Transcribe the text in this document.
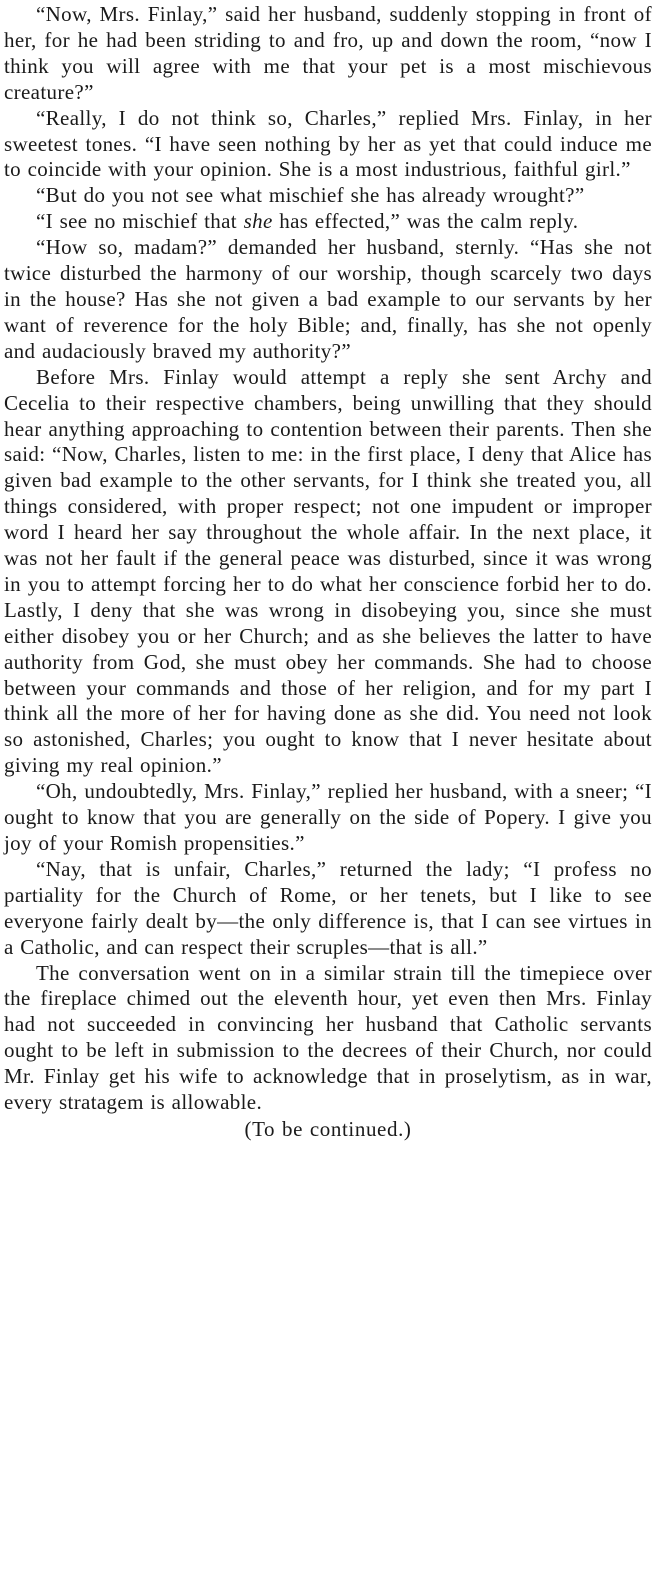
“Now, Mrs. Finlay,” said her husband, suddenly stopping in front of her, for he had been striding to and fro, up and down the room, “now I think you will agree with me that your pet is a most mischievous creature?”

“Really, I do not think so, Charles,” replied Mrs. Finlay, in her sweetest tones. “I have seen nothing by her as yet that could induce me to coincide with your opinion. She is a most industrious, faithful girl.”

“But do you not see what mischief she has already wrought?”

“I see no mischief that she has effected,” was the calm reply.

“How so, madam?” demanded her husband, sternly. “Has she not twice disturbed the harmony of our worship, though scarcely two days in the house? Has she not given a bad example to our servants by her want of reverence for the holy Bible; and, finally, has she not openly and audaciously braved my authority?”

Before Mrs. Finlay would attempt a reply she sent Archy and Cecelia to their respective chambers, being unwilling that they should hear anything approaching to contention between their parents. Then she said: “Now, Charles, listen to me: in the first place, I deny that Alice has given bad example to the other servants, for I think she treated you, all things considered, with proper respect; not one impudent or improper word I heard her say throughout the whole affair. In the next place, it was not her fault if the general peace was disturbed, since it was wrong in you to attempt forcing her to do what her conscience forbid her to do. Lastly, I deny that she was wrong in disobeying you, since she must either disobey you or her Church; and as she believes the latter to have authority from God, she must obey her commands. She had to choose between your commands and those of her religion, and for my part I think all the more of her for having done as she did. You need not look so astonished, Charles; you ought to know that I never hesitate about giving my real opinion.”

“Oh, undoubtedly, Mrs. Finlay,” replied her husband, with a sneer; “I ought to know that you are generally on the side of Popery. I give you joy of your Romish propensities.”

“Nay, that is unfair, Charles,” returned the lady; “I profess no partiality for the Church of Rome, or her tenets, but I like to see everyone fairly dealt by—the only difference is, that I can see virtues in a Catholic, and can respect their scruples—that is all.”

The conversation went on in a similar strain till the timepiece over the fireplace chimed out the eleventh hour, yet even then Mrs. Finlay had not succeeded in convincing her husband that Catholic servants ought to be left in submission to the decrees of their Church, nor could Mr. Finlay get his wife to acknowledge that in proselytism, as in war, every stratagem is allowable.

(To be continued.)
